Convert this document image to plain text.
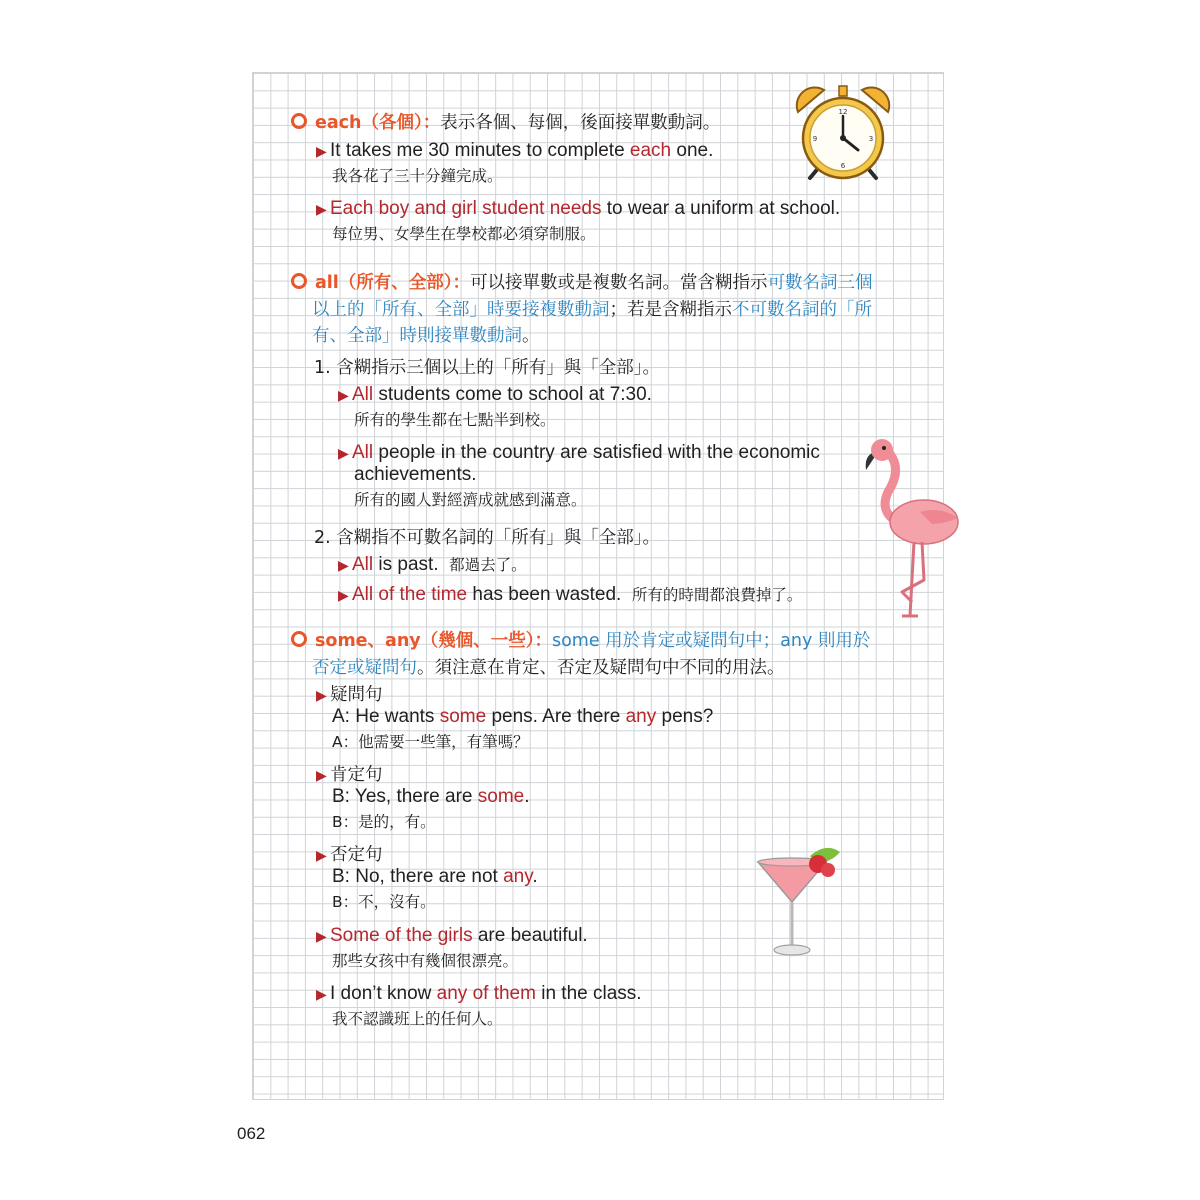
each（各個）：表示各個、每個，後面接單數動詞。
▶ It takes me 30 minutes to complete each one.
我各花了三十分鐘完成。
▶ Each boy and girl student needs to wear a uniform at school.
每位男、女學生在學校都必須穿制服。
all（所有、全部）：可以接單數或是複數名詞。當含糊指示可數名詞三個
以上的「所有、全部」時要接複數動詞；若是含糊指示不可數名詞的「所
有、全部」時則接單數動詞。
1. 含糊指示三個以上的「所有」與「全部」。
▶ All students come to school at 7:30.
所有的學生都在七點半到校。
▶ All people in the country are satisfied with the economic
achievements.
所有的國人對經濟成就感到滿意。
2. 含糊指不可數名詞的「所有」與「全部」。
▶ All is past. 都過去了。
▶ All of the time has been wasted. 所有的時間都浪費掉了。
some、any（幾個、一些）：some 用於肯定或疑問句中；any 則用於
否定或疑問句。須注意在肯定、否定及疑問句中不同的用法。
▶ 疑問句
A: He wants some pens. Are there any pens?
A：他需要一些筆，有筆嗎？
▶ 肯定句
B: Yes, there are some.
B：是的，有。
▶ 否定句
B: No, there are not any.
B：不，沒有。
▶ Some of the girls are beautiful.
那些女孩中有幾個很漂亮。
▶ I don’t know any of them in the class.
我不認識班上的任何人。
12
3
6
9
062
